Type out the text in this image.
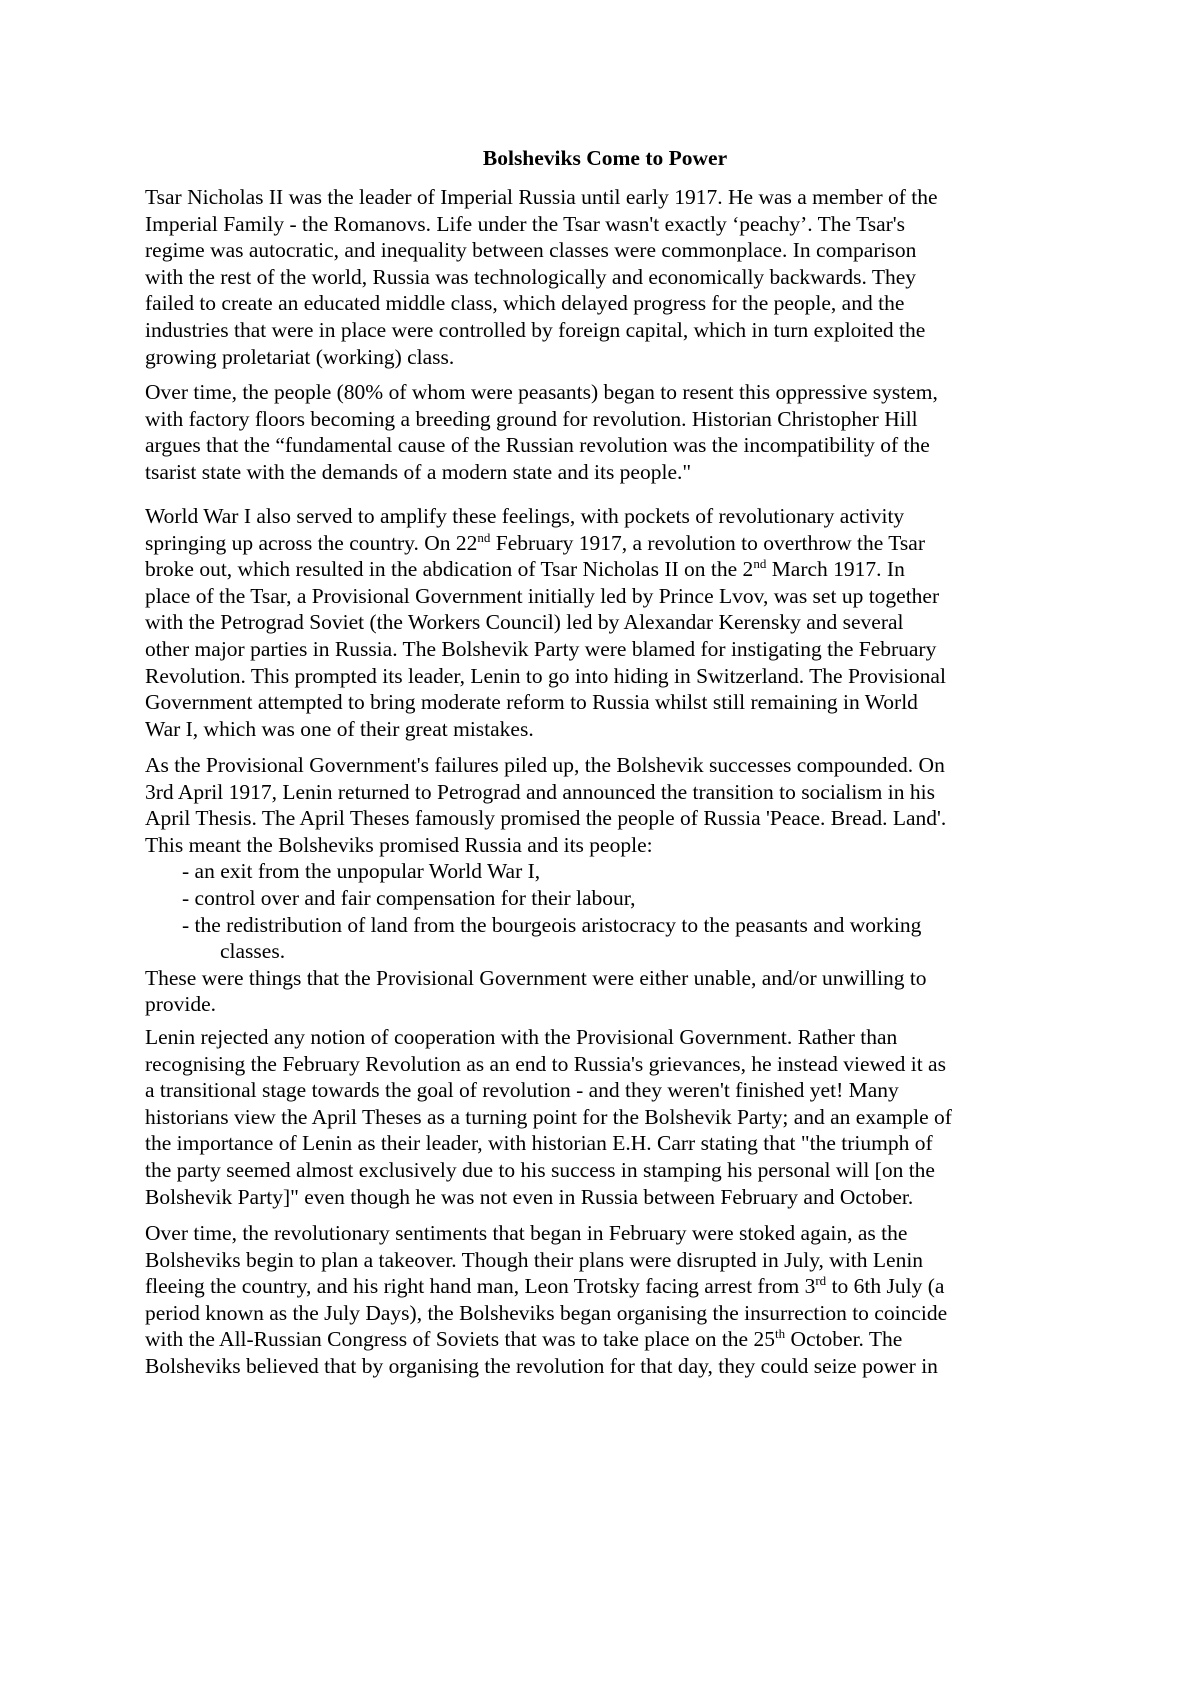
Bolsheviks Come to Power
Tsar Nicholas II was the leader of Imperial Russia until early 1917. He was a member of the
Imperial Family - the Romanovs. Life under the Tsar wasn't exactly ‘peachy’. The Tsar's
regime was autocratic, and inequality between classes were commonplace. In comparison
with the rest of the world, Russia was technologically and economically backwards. They
failed to create an educated middle class, which delayed progress for the people, and the
industries that were in place were controlled by foreign capital, which in turn exploited the
growing proletariat (working) class.
Over time, the people (80% of whom were peasants) began to resent this oppressive system,
with factory floors becoming a breeding ground for revolution. Historian Christopher Hill
argues that the “fundamental cause of the Russian revolution was the incompatibility of the
tsarist state with the demands of a modern state and its people."
World War I also served to amplify these feelings, with pockets of revolutionary activity
springing up across the country. On 22nd February 1917, a revolution to overthrow the Tsar
broke out, which resulted in the abdication of Tsar Nicholas II on the 2nd March 1917. In
place of the Tsar, a Provisional Government initially led by Prince Lvov, was set up together
with the Petrograd Soviet (the Workers Council) led by Alexandar Kerensky and several
other major parties in Russia. The Bolshevik Party were blamed for instigating the February
Revolution. This prompted its leader, Lenin to go into hiding in Switzerland. The Provisional
Government attempted to bring moderate reform to Russia whilst still remaining in World
War I, which was one of their great mistakes.
As the Provisional Government's failures piled up, the Bolshevik successes compounded. On
3rd April 1917, Lenin returned to Petrograd and announced the transition to socialism in his
April Thesis. The April Theses famously promised the people of Russia 'Peace. Bread. Land'.
This meant the Bolsheviks promised Russia and its people:
- an exit from the unpopular World War I,
- control over and fair compensation for their labour,
- the redistribution of land from the bourgeois aristocracy to the peasants and working
classes.
These were things that the Provisional Government were either unable, and/or unwilling to
provide.
Lenin rejected any notion of cooperation with the Provisional Government. Rather than
recognising the February Revolution as an end to Russia's grievances, he instead viewed it as
a transitional stage towards the goal of revolution - and they weren't finished yet! Many
historians view the April Theses as a turning point for the Bolshevik Party; and an example of
the importance of Lenin as their leader, with historian E.H. Carr stating that "the triumph of
the party seemed almost exclusively due to his success in stamping his personal will [on the
Bolshevik Party]" even though he was not even in Russia between February and October.
Over time, the revolutionary sentiments that began in February were stoked again, as the
Bolsheviks begin to plan a takeover. Though their plans were disrupted in July, with Lenin
fleeing the country, and his right hand man, Leon Trotsky facing arrest from 3rd to 6th July (a
period known as the July Days), the Bolsheviks began organising the insurrection to coincide
with the All-Russian Congress of Soviets that was to take place on the 25th October. The
Bolsheviks believed that by organising the revolution for that day, they could seize power in
